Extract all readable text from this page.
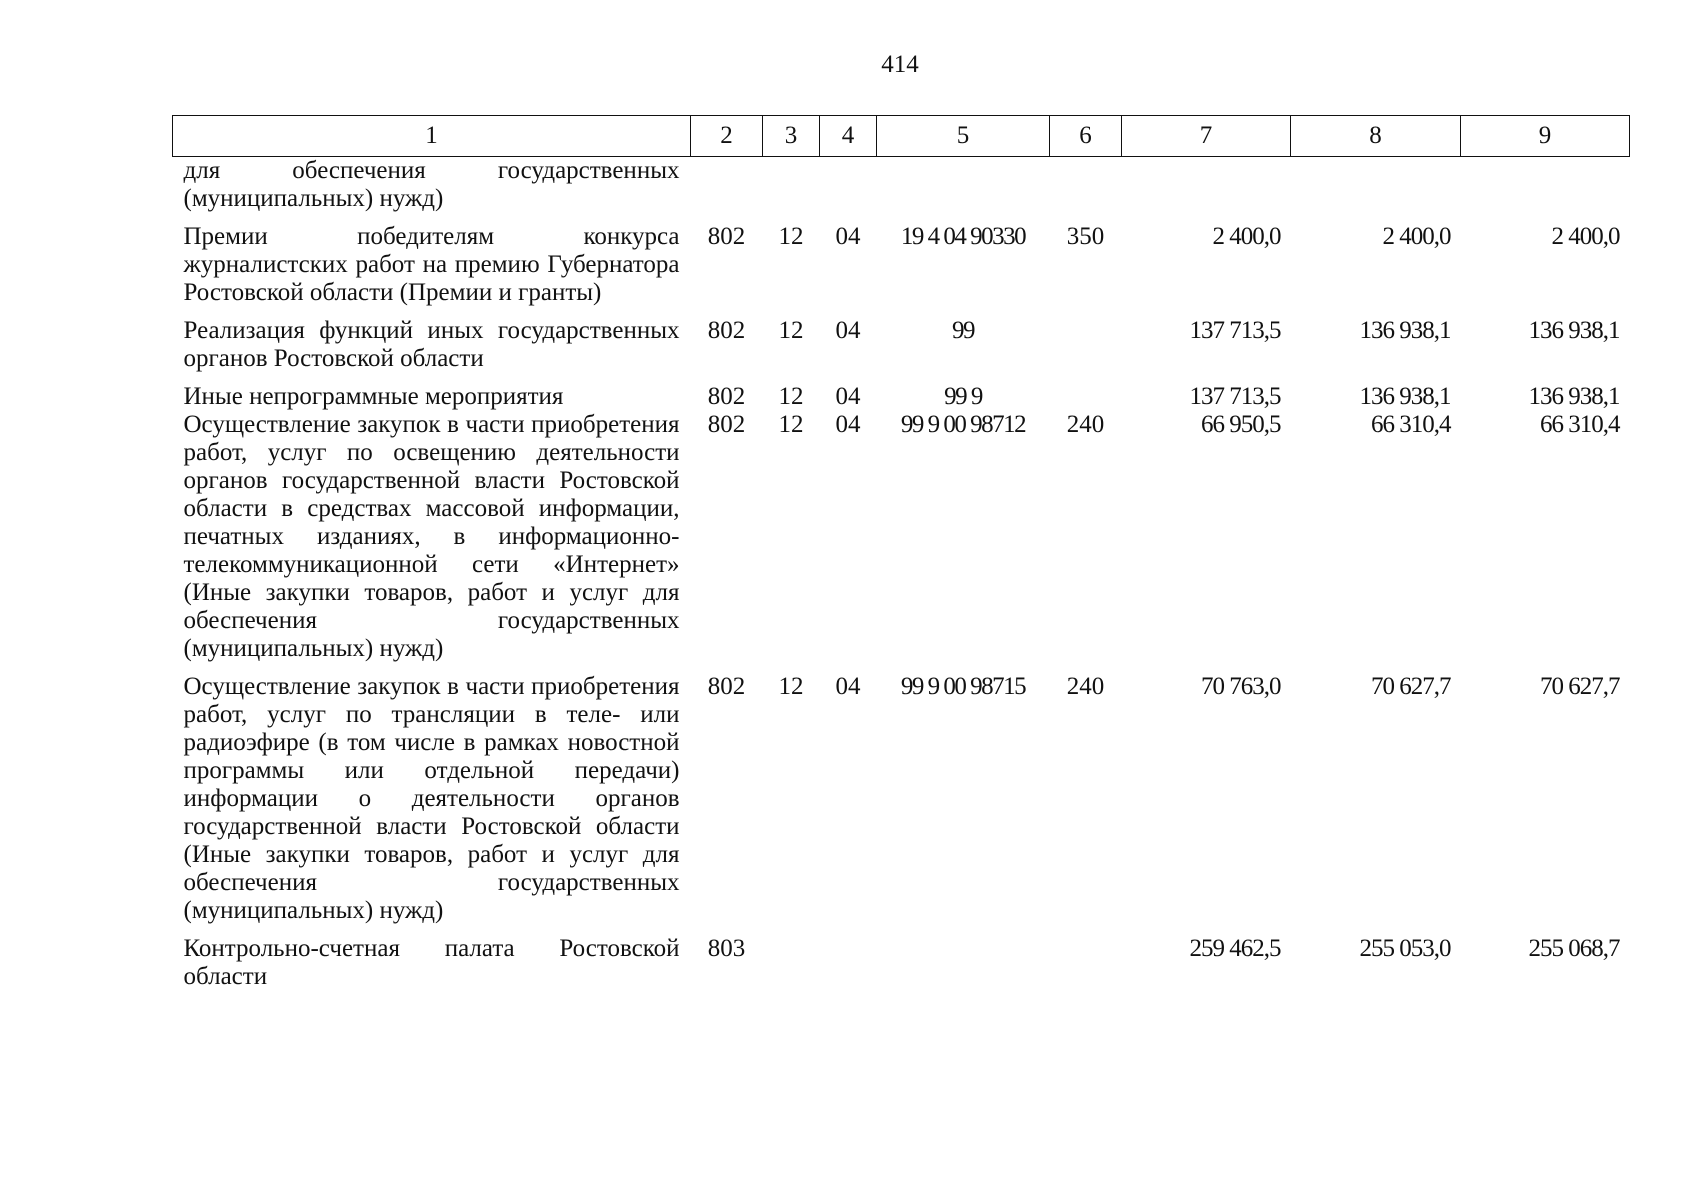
414
1	2	3	4	5	6	7	8	9
для обеспечения государственных (муниципальных) нужд)								
Премии победителям конкурса журналистских работ на премию Губернатора Ростовской области (Премии и гранты)	802	12	04	19 4 04 90330	350	2 400,0	2 400,0	2 400,0
Реализация функций иных государственных органов Ростовской области	802	12	04	99		137 713,5	136 938,1	136 938,1
Иные непрограммные мероприятия	802	12	04	99 9		137 713,5	136 938,1	136 938,1
Осуществление закупок в части приобретения работ, услуг по освещению деятельности органов государственной власти Ростовской области в средствах массовой информации, печатных изданиях, в информационно-телекоммуникационной сети «Интернет» (Иные закупки товаров, работ и услуг для обеспечения государственных (муниципальных) нужд)	802	12	04	99 9 00 98712	240	66 950,5	66 310,4	66 310,4
Осуществление закупок в части приобретения работ, услуг по трансляции в теле- или радиоэфире (в том числе в рамках новостной программы или отдельной передачи) информации о деятельности органов государственной власти Ростовской области (Иные закупки товаров, работ и услуг для обеспечения государственных (муниципальных) нужд)	802	12	04	99 9 00 98715	240	70 763,0	70 627,7	70 627,7
Контрольно-счетная палата Ростовской области	803					259 462,5	255 053,0	255 068,7
